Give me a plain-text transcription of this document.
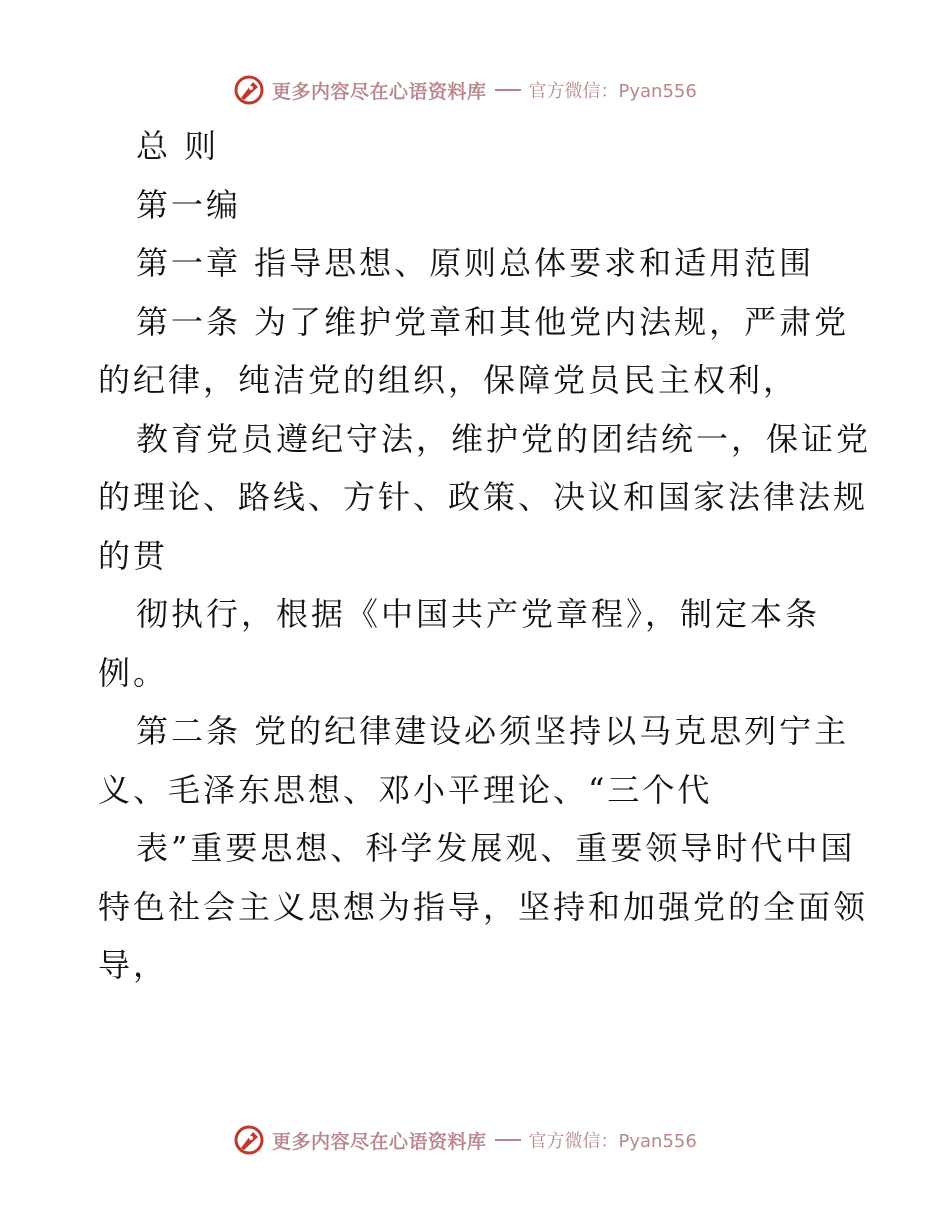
更多内容尽在心语资料库 官方微信：Pyan556
总 则
第一编
第一章 指导思想、原则总体要求和适用范围
第一条 为了维护党章和其他党内法规，严肃党
的纪律，纯洁党的组织，保障党员民主权利，
教育党员遵纪守法，维护党的团结统一，保证党
的理论、路线、方针、政策、决议和国家法律法规
的贯
彻执行，根据《中国共产党章程》，制定本条
例。
第二条 党的纪律建设必须坚持以马克思列宁主
义、毛泽东思想、邓小平理论、“三个代
表”重要思想、科学发展观、重要领导时代中国
特色社会主义思想为指导，坚持和加强党的全面领
导，
更多内容尽在心语资料库 官方微信：Pyan556
